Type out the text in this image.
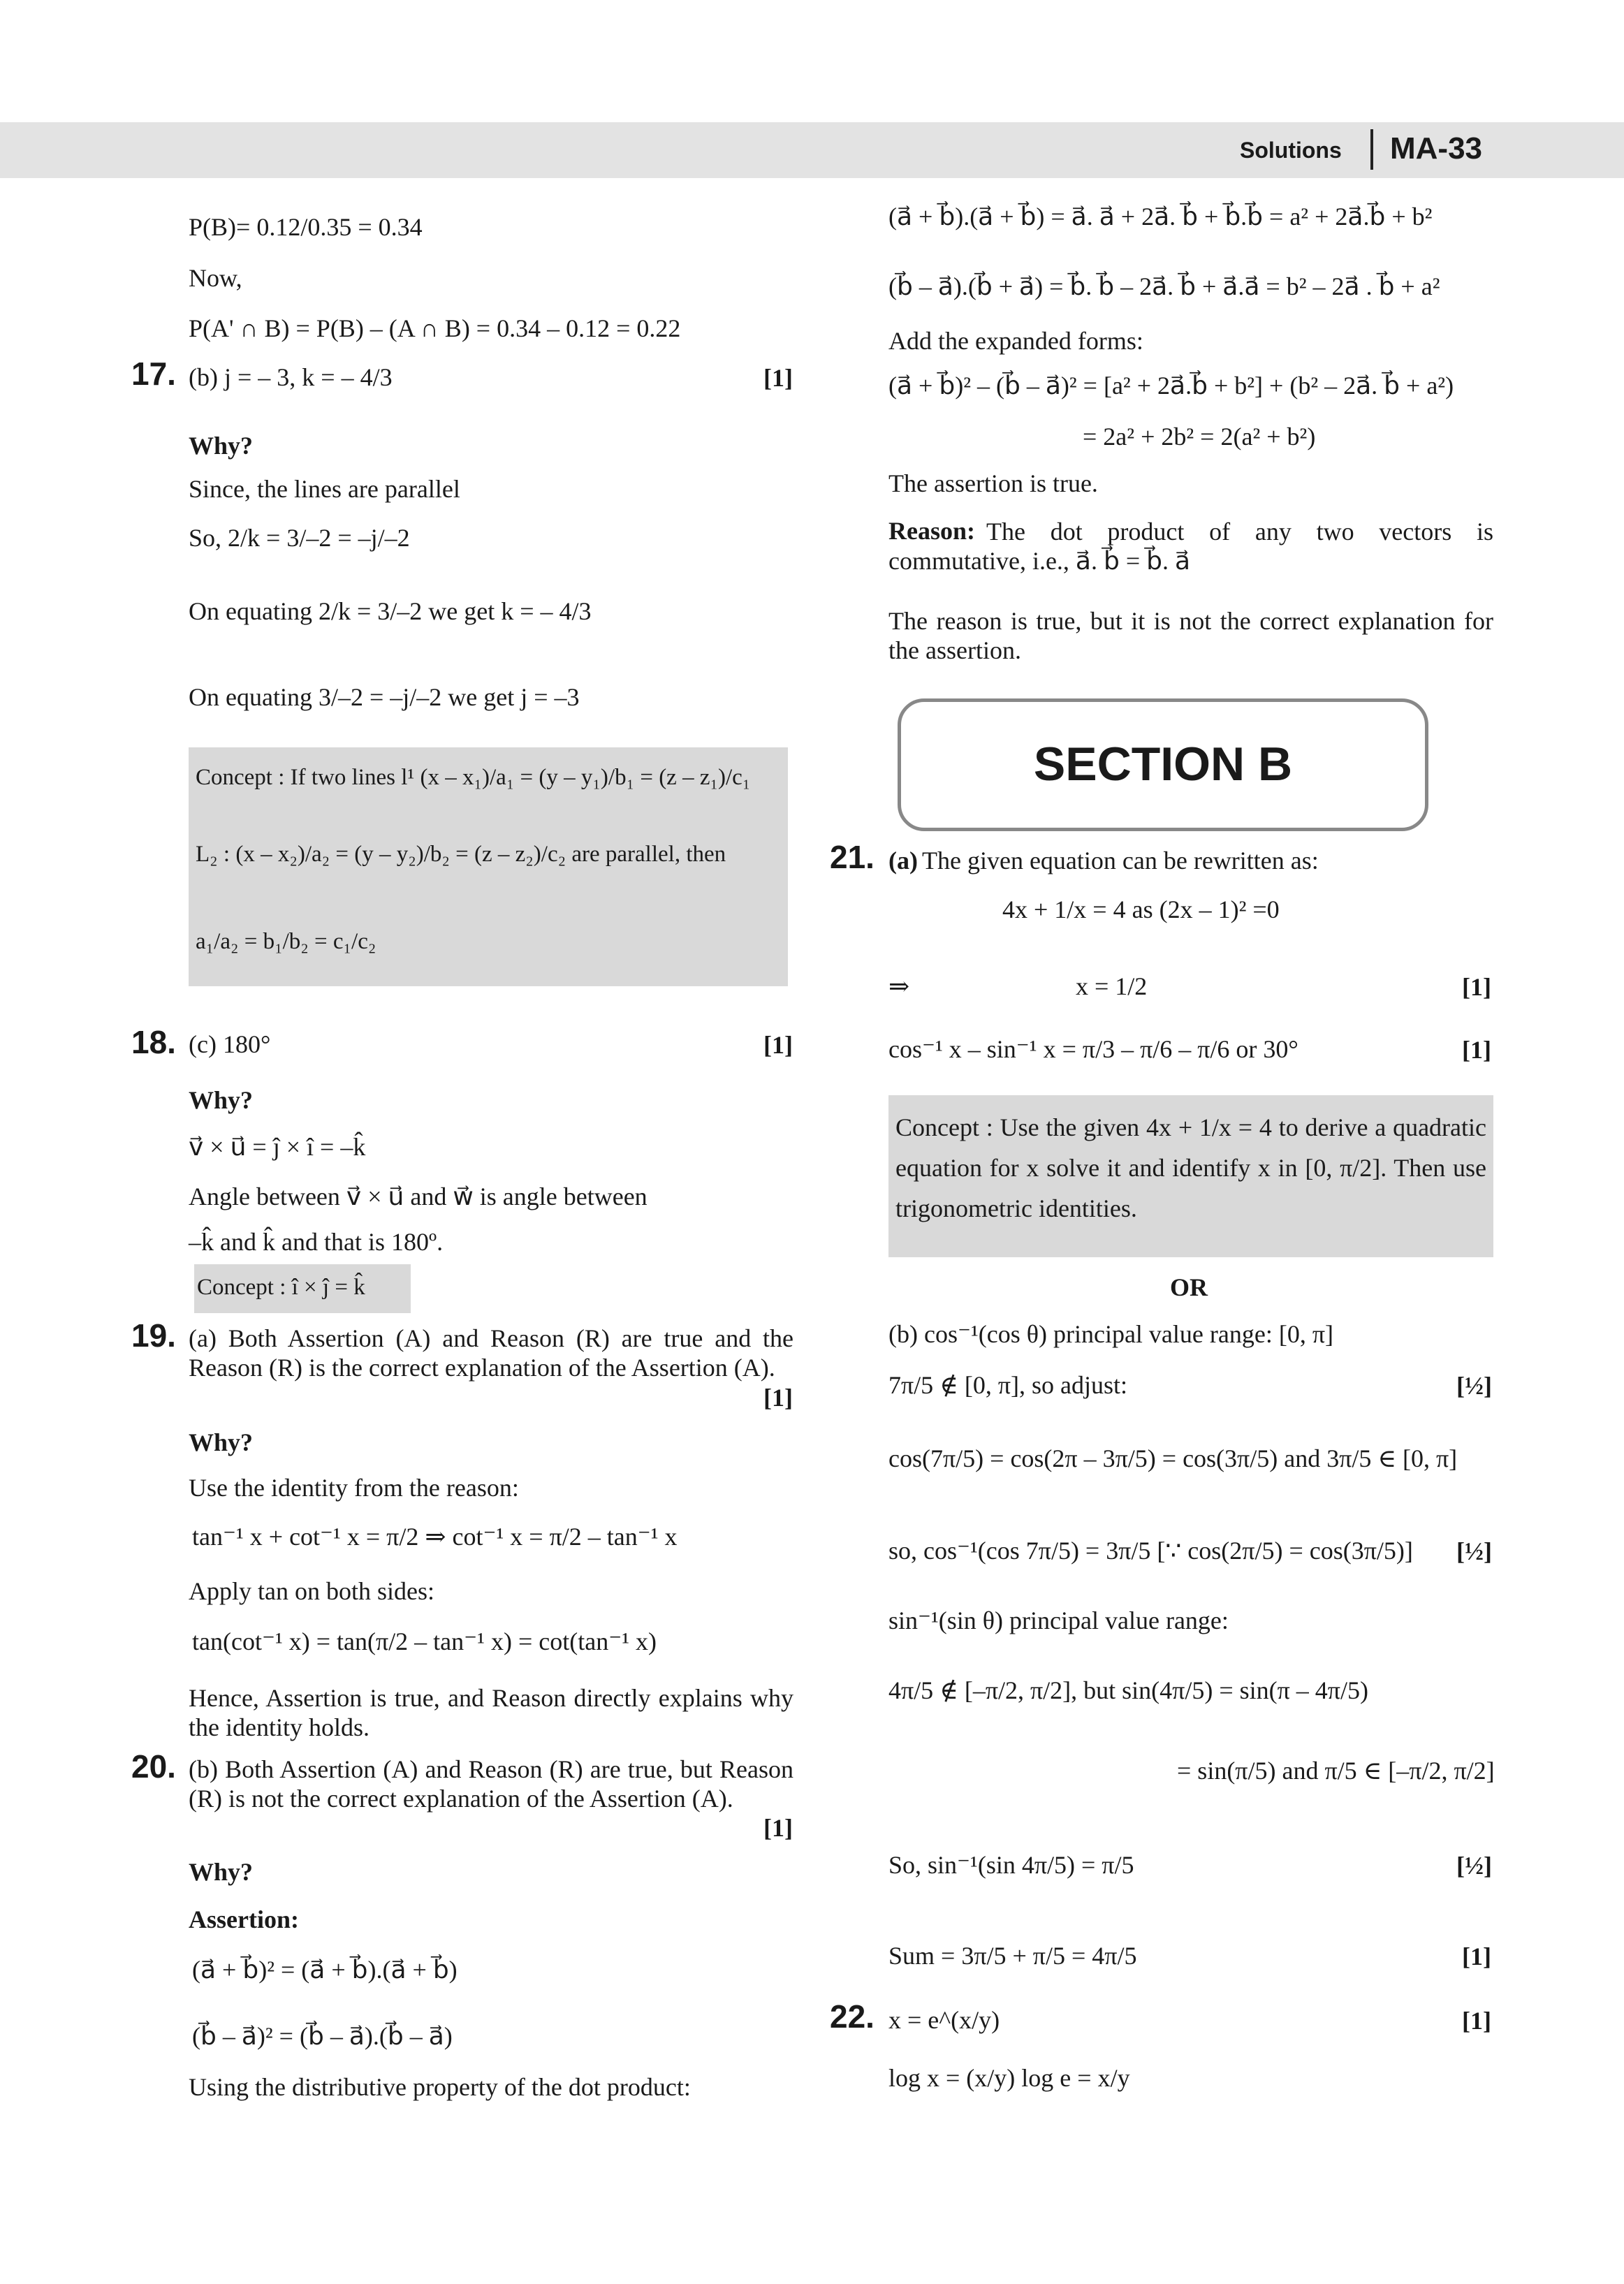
Solutions MA-33
P(B)= 0.12/0.35 = 0.34
Now,
P(A' ∩ B) = P(B) – (A ∩ B) = 0.34 – 0.12 = 0.22
17. (b) j = – 3, k = – 4/3	[1]
Why?
Since, the lines are parallel
So, 2/k = 3/–2 = –j/–2
On equating 2/k = 3/–2 we get k = – 4/3
On equating 3/–2 = –j/–2 we get j = –3
Concept : If two lines l¹ (x – x₁)/a₁ = (y – y₁)/b₁ = (z – z₁)/c₁
L₂ : (x – x₂)/a₂ = (y – y₂)/b₂ = (z – z₂)/c₂ are parallel, then
a₁/a₂ = b₁/b₂ = c₁/c₂
18. (c) 180°	[1]
Why?
v⃗ × u⃗ = ĵ × î = –k̂
Angle between v⃗ × u⃗ and w⃗ is angle between
–k̂ and k̂ and that is 180º.
Concept : î × ĵ = k̂
19. (a) Both Assertion (A) and Reason (R) are true and the Reason (R) is the correct explanation of the Assertion (A).
[1]
Why?
Use the identity from the reason:
tan⁻¹ x + cot⁻¹ x = π/2 ⇒ cot⁻¹ x = π/2 – tan⁻¹ x
Apply tan on both sides:
tan(cot⁻¹ x) = tan(π/2 – tan⁻¹ x) = cot(tan⁻¹ x)
Hence, Assertion is true, and Reason directly explains why the identity holds.
20. (b) Both Assertion (A) and Reason (R) are true, but Reason (R) is not the correct explanation of the Assertion (A).
[1]
Why?
Assertion:
(a⃗ + b⃗)² = (a⃗ + b⃗).(a⃗ + b⃗)
(b⃗ – a⃗)² = (b⃗ – a⃗).(b⃗ – a⃗)
Using the distributive property of the dot product:
(a⃗ + b⃗).(a⃗ + b⃗) = a⃗. a⃗ + 2a⃗. b⃗ + b⃗.b⃗ = a² + 2a⃗.b⃗ + b²
(b⃗ – a⃗).(b⃗ + a⃗) = b⃗. b⃗ – 2a⃗. b⃗ + a⃗.a⃗ = b² – 2a⃗ . b⃗ + a²
Add the expanded forms:
(a⃗ + b⃗)² – (b⃗ – a⃗)² = [a² + 2a⃗.b⃗ + b²] + (b² – 2a⃗. b⃗ + a²)
= 2a² + 2b² = 2(a² + b²)
The assertion is true.
Reason: The dot product of any two vectors is commutative, i.e., a⃗. b⃗ = b⃗. a⃗
The reason is true, but it is not the correct explanation for the assertion.
SECTION B
21. (a) The given equation can be rewritten as:
4x + 1/x = 4 as (2x – 1)² =0
⇒	x = 1/2	[1]
cos⁻¹ x – sin⁻¹ x = π/3 – π/6 – π/6 or 30°	[1]
Concept : Use the given 4x + 1/x = 4 to derive a quadratic equation for x solve it and identify x in [0, π/2]. Then use trigonometric identities.
OR
(b) cos⁻¹(cos θ) principal value range: [0, π]
7π/5 ∉ [0, π], so adjust:	[½]
cos(7π/5) = cos(2π – 3π/5) = cos(3π/5) and 3π/5 ∈ [0, π]
so, cos⁻¹(cos 7π/5) = 3π/5 [∵ cos(2π/5) = cos(3π/5)] [½]
sin⁻¹(sin θ) principal value range:
4π/5 ∉ [–π/2, π/2], but sin(4π/5) = sin(π – 4π/5)
= sin(π/5) and π/5 ∈ [–π/2, π/2]
So, sin⁻¹(sin 4π/5) = π/5	[½]
Sum = 3π/5 + π/5 = 4π/5	[1]
22. x = e^(x/y)	[1]
log x = (x/y) log e = x/y
